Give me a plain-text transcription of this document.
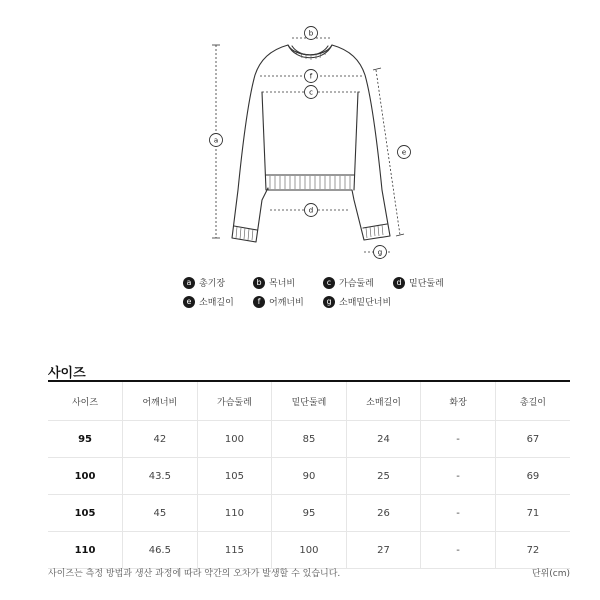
a
b
f
c
d
e
g
a 총기장	b 목너비	c 가슴둘레	d 밑단둘레
e 소매길이	f 어깨너비	g 소매밑단너비
사이즈
사이즈	어깨너비	가슴둘레	밑단둘레	소매길이	화장	총길이
95	42	100	85	24	-	67
100	43.5	105	90	25	-	69
105	45	110	95	26	-	71
110	46.5	115	100	27	-	72
사이즈는 측정 방법과 생산 과정에 따라 약간의 오차가 발생할 수 있습니다.	단위(cm)
